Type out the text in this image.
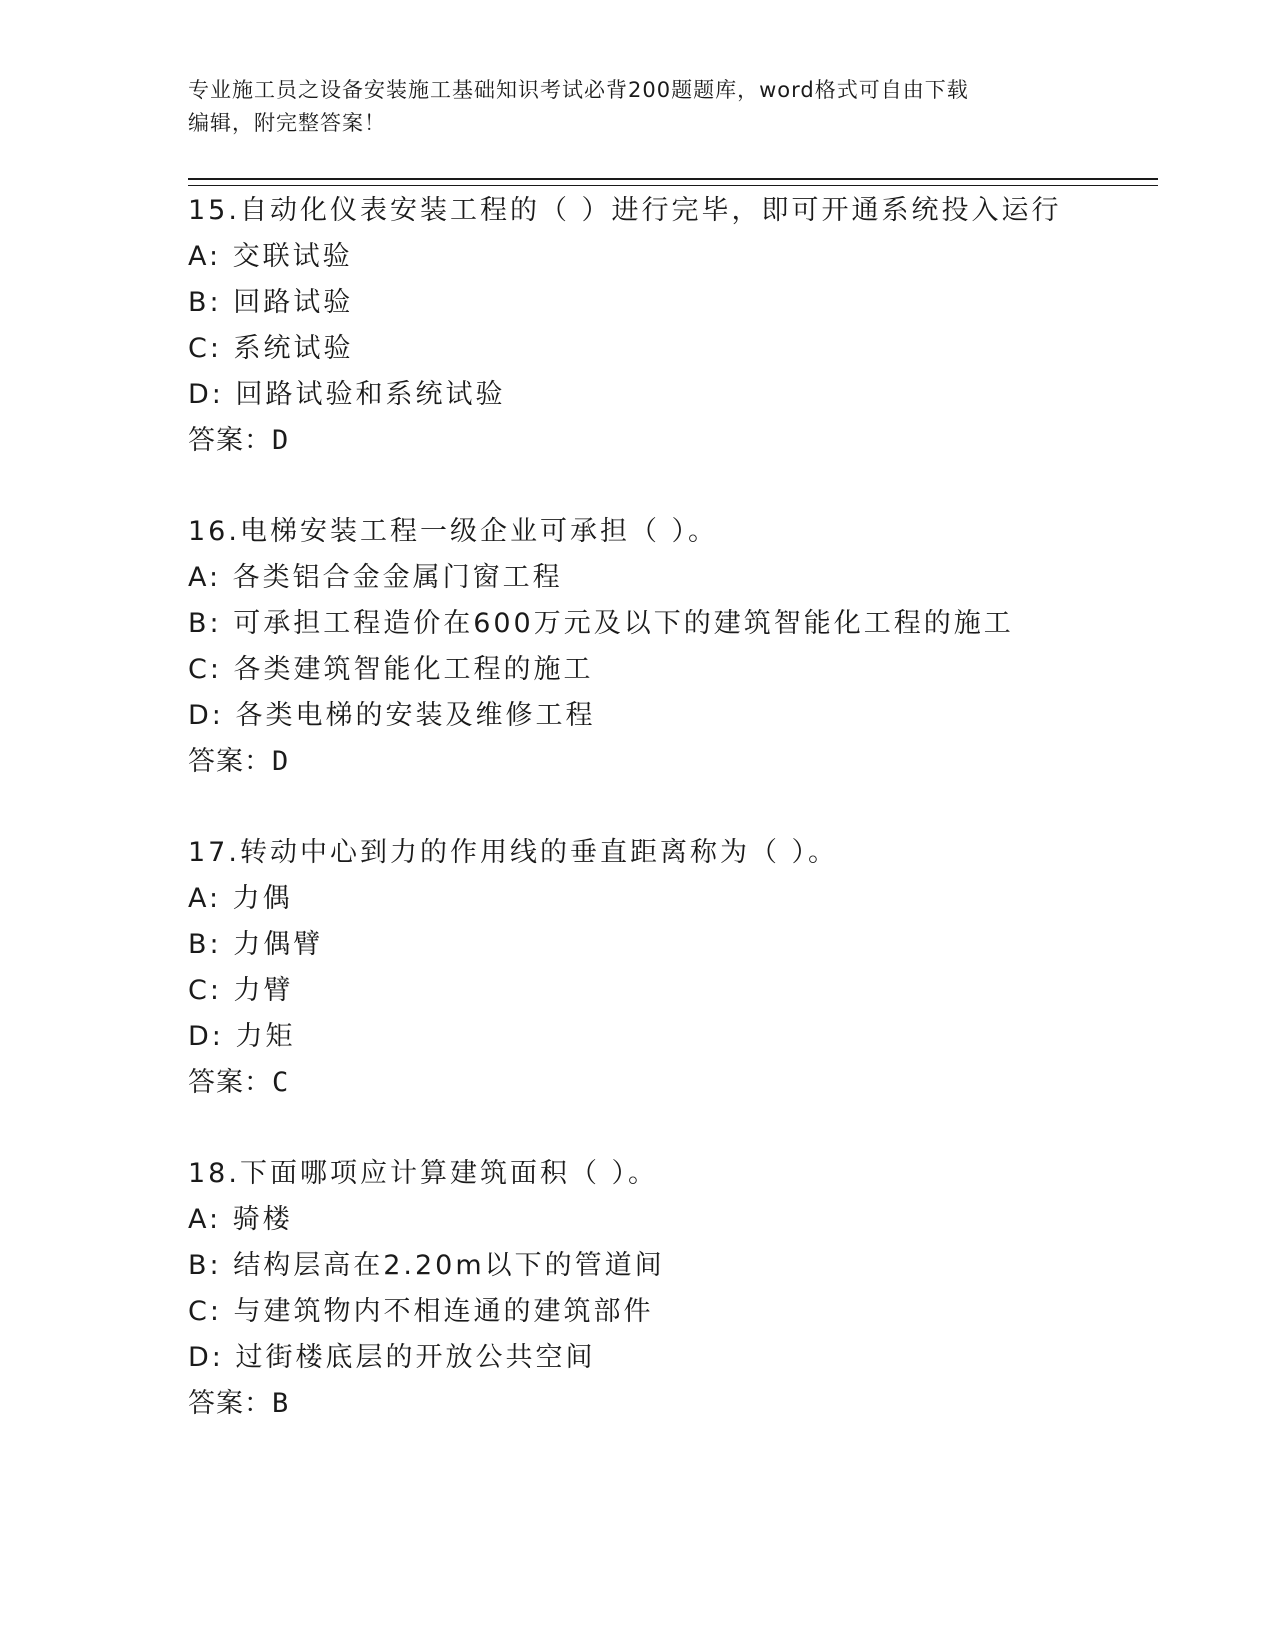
专业施工员之设备安装施工基础知识考试必背200题题库，word格式可自由下载
编辑，附完整答案！
15.自动化仪表安装工程的（ ）进行完毕，即可开通系统投入运行
A: 交联试验
B: 回路试验
C: 系统试验
D: 回路试验和系统试验
答案：D
16.电梯安装工程一级企业可承担（ ）。
A: 各类铝合金金属门窗工程
B: 可承担工程造价在600万元及以下的建筑智能化工程的施工
C: 各类建筑智能化工程的施工
D: 各类电梯的安装及维修工程
答案：D
17.转动中心到力的作用线的垂直距离称为（ ）。
A: 力偶
B: 力偶臂
C: 力臂
D: 力矩
答案：C
18.下面哪项应计算建筑面积（ ）。
A: 骑楼
B: 结构层高在2.20m以下的管道间
C: 与建筑物内不相连通的建筑部件
D: 过街楼底层的开放公共空间
答案：B
